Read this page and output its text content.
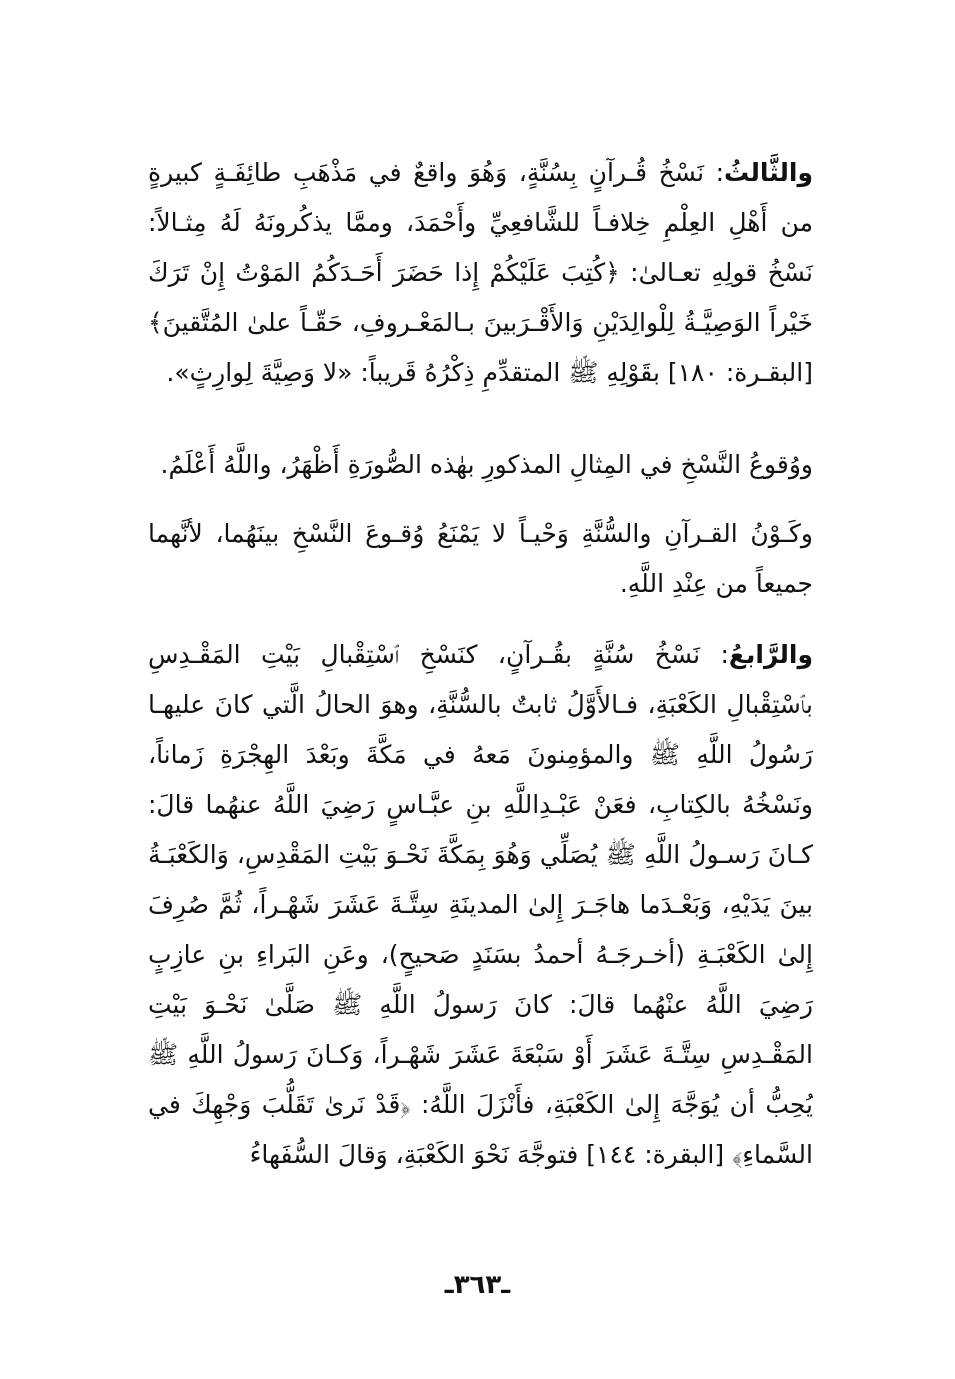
والثَّالثُ: نَسْخُ قُـرآنٍ بِسُنَّةٍ، وَهُوَ واقعٌ في مَذْهَبِ طائِفَـةٍ كبيرةٍ من أَهْلِ العِلْمِ خِلافـاً للشَّافعِيِّ وأَحْمَدَ، وممَّا يذكُرونَهُ لَهُ مِثـالاً: نَسْخُ قولِهِ تعـالىٰ: ﴿كُتِبَ عَلَيْكُمْ إِذا حَضَرَ أَحَـدَكُمُ المَوْتُ إِنْ تَرَكَ خَيْراً الوَصِيَّـةُ لِلْوالِدَيْنِ وَالأَقْـرَبينَ بـالمَعْـروفِ، حَقّـاً علىٰ المُتَّقينَ﴾ [البقـرة: ١٨٠] بقَوْلِهِ ﷺ المتقدِّمِ ذِكْرُهُ قَريباً: «لا وَصِيَّةَ لِوارِثٍ».

ووُقوعُ النَّسْخِ في المِثالِ المذكورِ بهٰذه الصُّورَةِ أَظْهَرُ، واللَّهُ أَعْلَمُ.

وكَـوْنُ القـرآنِ والسُّنَّةِ وَحْيـاً لا يَمْنَعُ وُقـوعَ النَّسْخِ بينَهُما، لأنَّهما جميعاً من عِنْدِ اللَّهِ.

والرَّابعُ: نَسْخُ سُنَّةٍ بقُـرآنٍ، كنَسْخِ ٱسْتِقْبالِ بَيْتِ المَقْـدِسِ بٱسْتِقْبالِ الكَعْبَةِ، فـالأَوَّلُ ثابتٌ بالسُّنَّةِ، وهوَ الحالُ الَّتي كانَ عليهـا رَسُولُ اللَّهِ ﷺ والمؤمِنونَ مَعهُ في مَكَّةَ وبَعْدَ الهِجْرَةِ زَماناً، ونَسْخُهُ بالكِتابِ، فعَنْ عَبْـدِاللَّهِ بنِ عبَّـاسٍ رَضِيَ اللَّهُ عنهُما قالَ: كـانَ رَسـولُ اللَّهِ ﷺ يُصَلِّي وَهُوَ بِمَكَّةَ نَحْـوَ بَيْتِ المَقْدِسِ، وَالكَعْبَـةُ بينَ يَدَيْهِ، وَبَعْـدَما هاجَـرَ إِلىٰ المدينَةِ سِتَّـةَ عَشَرَ شَهْـراً، ثُمَّ صُرِفَ إِلىٰ الكَعْبَـةِ (أخـرجَـهُ أحمدُ بسَنَدٍ صَحيحٍ)، وعَنِ البَراءِ بنِ عازِبٍ رَضِيَ اللَّهُ عنْهُما قالَ: كانَ رَسولُ اللَّهِ ﷺ صَلَّىٰ نَحْـوَ بَيْتِ المَقْـدِسِ سِتَّـةَ عَشَرَ أَوْ سَبْعَةَ عَشَرَ شَهْـراً، وَكـانَ رَسولُ اللَّهِ ﷺ يُحِبُّ أن يُوَجَّهَ إِلىٰ الكَعْبَةِ، فأَنْزَلَ اللَّهُ: ﴿قَدْ نَرىٰ تَقَلُّبَ وَجْهِكَ في السَّماءِ﴾ [البقرة: ١٤٤] فتوجَّهَ نَحْوَ الكَعْبَةِ، وَقالَ السُّفَهاءُ

ـ٣٦٣ـ
